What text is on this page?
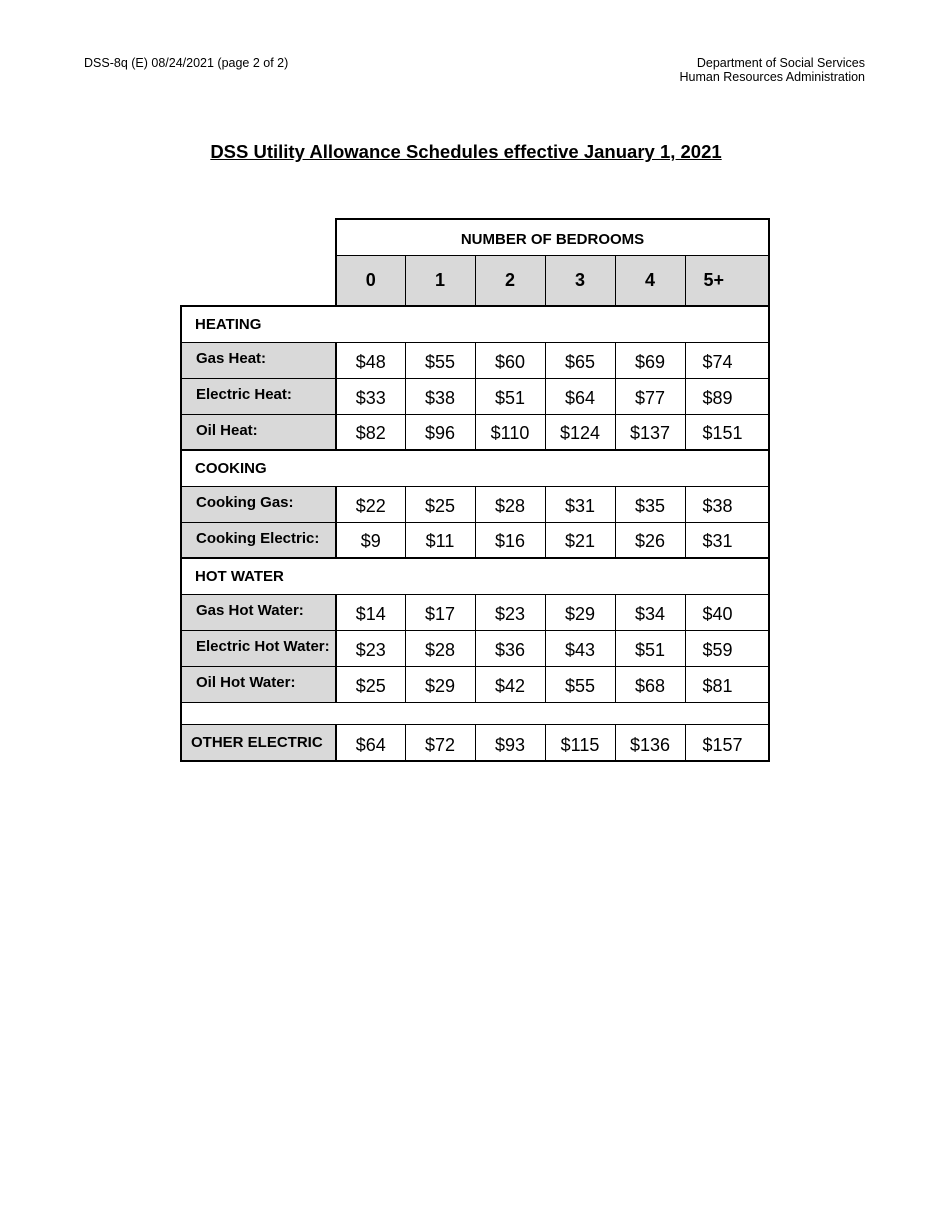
DSS-8q (E) 08/24/2021 (page 2 of 2)	Department of Social Services
Human Resources Administration
DSS Utility Allowance Schedules effective January 1, 2021
	NUMBER OF BEDROOMS					
	0	1	2	3	4	5+
HEATING						
Gas Heat:	$48	$55	$60	$65	$69	$74
Electric Heat:	$33	$38	$51	$64	$77	$89
Oil Heat:	$82	$96	$110	$124	$137	$151
COOKING						
Cooking Gas:	$22	$25	$28	$31	$35	$38
Cooking Electric:	$9	$11	$16	$21	$26	$31
HOT WATER						
Gas Hot Water:	$14	$17	$23	$29	$34	$40
Electric Hot Water:	$23	$28	$36	$43	$51	$59
Oil Hot Water:	$25	$29	$42	$55	$68	$81

OTHER ELECTRIC	$64	$72	$93	$115	$136	$157
